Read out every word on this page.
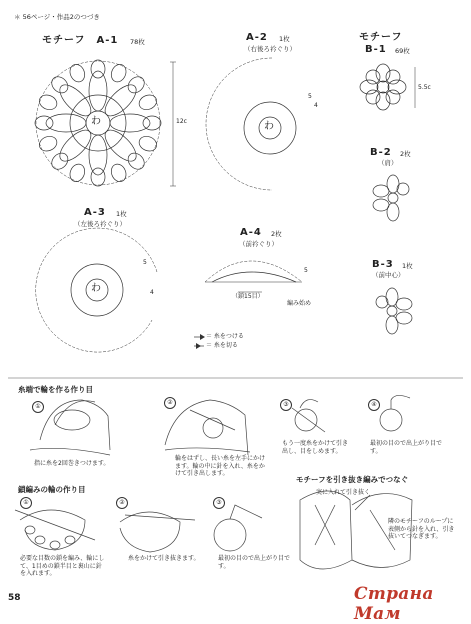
＊ 56ページ・作品2のつづき
モチーフ　A-1 78枚
わ	12c
A-2 1枚
（右後ろ衿ぐり）
わ
5
4
モチーフ
B-1 69枚
5.5c
B-2 2枚
（肩）
A-3 1枚
（左後ろ衿ぐり）
わ
5
4
A-4 2枚
（前衿ぐり）
（鎖15目）
編み始め
5
B-3 1枚
（前中心）
＝ 糸をつける
＝ 糸を切る
糸端で輪を作る作り目
①
指に糸を2回巻きつけます。
②
輪をはずし、長い糸を左手にかけます。輪の中に針を入れ、糸をかけて引き出します。
③
もう一度糸をかけて引き出し、目をしめます。
④
最初の目ので出上がり目です。
鎖編みの輪の作り目
①
必要な目数の鎖を編み、輪にして、1目めの鎖半目と裏山に針を入れます。
②
糸をかけて引き抜きます。
③
最初の目ので出上がり目です。
モチーフを引き抜き編みでつなぐ
実に入れて引き抜く
隣のモチーフのループに表側から針を入れ、引き抜いてつなぎます。
58	Страна Мам
